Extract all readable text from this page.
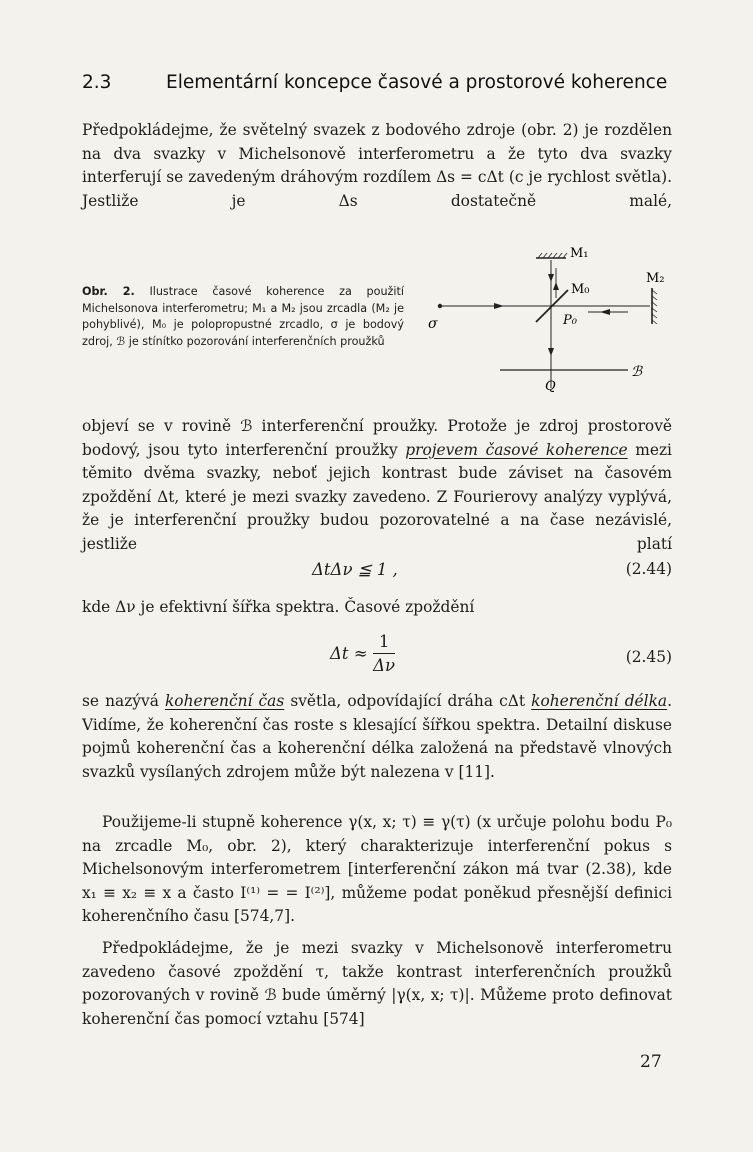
2.3	Elementární koncepce časové a prostorové koherence

Předpokládejme, že světelný svazek z bodového zdroje (obr. 2) je rozdělen na dva svazky v Michelsonově interferometru a že tyto dva svazky interferují se zavedeným dráhovým rozdílem Δs = cΔt (c je rychlost světla). Jestliže je Δs dostatečně malé,

Obr. 2. Ilustrace časové koherence za použití Michelsonova interferometru; M₁ a M₂ jsou zrcadla (M₂ je pohyblivé), M₀ je polopropustné zrcadlo, σ je bodový zdroj, ℬ je stínítko pozorování interferenčních proužků

M₁
σ
M₀
P₀
M₂
ℬ
Q

objeví se v rovině ℬ interferenční proužky. Protože je zdroj prostorově bodový, jsou tyto interferenční proužky projevem časové koherence mezi těmito dvěma svazky, neboť jejich kontrast bude záviset na časovém zpoždění Δt, které je mezi svazky zavedeno. Z Fourierovy analýzy vyplývá, že je interferenční proužky budou pozorovatelné a na čase nezávislé, jestliže platí

ΔtΔν ≦ 1 ,	(2.44)

kde Δν je efektivní šířka spektra. Časové zpoždění

$\Delta t \approx \frac{1}{\Delta\nu}$	(2.45)

se nazývá koherenční čas světla, odpovídající dráha cΔt koherenční délka. Vidíme, že koherenční čas roste s klesající šířkou spektra. Detailní diskuse pojmů koherenční čas a koherenční délka založená na představě vlnových svazků vysílaných zdrojem může být nalezena v [11].

Použijeme-li stupně koherence γ(x, x; τ) ≡ γ(τ) (x určuje polohu bodu P₀ na zrcadle M₀, obr. 2), který charakterizuje interferenční pokus s Michelsonovým interferometrem [interferenční zákon má tvar (2.38), kde x₁ ≡ x₂ ≡ x a často I⁽¹⁾ = = I⁽²⁾], můžeme podat poněkud přesnější definici koherenčního času [574,7].

Předpokládejme, že je mezi svazky v Michelsonově interferometru zavedeno časové zpoždění τ, takže kontrast interferenčních proužků pozorovaných v rovině ℬ bude úměrný |γ(x, x; τ)|. Můžeme proto definovat koherenční čas pomocí vztahu [574]

27
